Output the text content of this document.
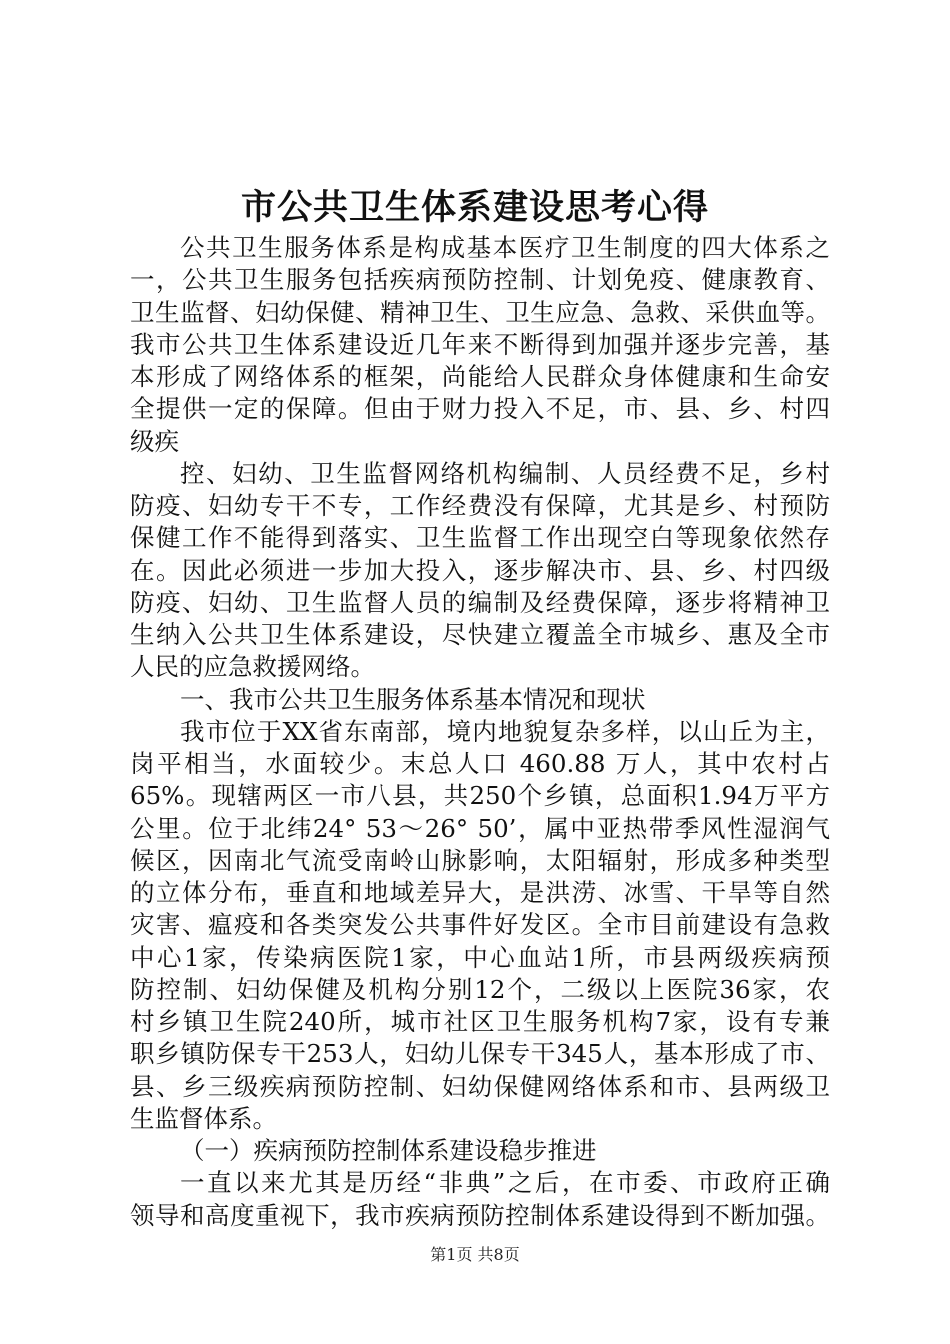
市公共卫生体系建设思考心得
公共卫生服务体系是构成基本医疗卫生制度的四大体系之
一，公共卫生服务包括疾病预防控制、计划免疫、健康教育、
卫生监督、妇幼保健、精神卫生、卫生应急、急救、采供血等。
我市公共卫生体系建设近几年来不断得到加强并逐步完善，基
本形成了网络体系的框架，尚能给人民群众身体健康和生命安
全提供一定的保障。但由于财力投入不足，市、县、乡、村四
级疾
控、妇幼、卫生监督网络机构编制、人员经费不足，乡村
防疫、妇幼专干不专，工作经费没有保障，尤其是乡、村预防
保健工作不能得到落实、卫生监督工作出现空白等现象依然存
在。因此必须进一步加大投入，逐步解决市、县、乡、村四级
防疫、妇幼、卫生监督人员的编制及经费保障，逐步将精神卫
生纳入公共卫生体系建设，尽快建立覆盖全市城乡、惠及全市
人民的应急救援网络。
一、我市公共卫生服务体系基本情况和现状
我市位于XX省东南部，境内地貌复杂多样，以山丘为主，
岗平相当，水面较少。末总人口 460.88 万人，其中农村占
65%。现辖两区一市八县，共250个乡镇，总面积1.94万平方
公里。位于北纬24° 53～26° 50’，属中亚热带季风性湿润气
候区，因南北气流受南岭山脉影响，太阳辐射，形成多种类型
的立体分布，垂直和地域差异大，是洪涝、冰雪、干旱等自然
灾害、瘟疫和各类突发公共事件好发区。全市目前建设有急救
中心1家，传染病医院1家，中心血站1所，市县两级疾病预
防控制、妇幼保健及机构分别12个，二级以上医院36家，农
村乡镇卫生院240所，城市社区卫生服务机构7家，设有专兼
职乡镇防保专干253人，妇幼儿保专干345人，基本形成了市、
县、乡三级疾病预防控制、妇幼保健网络体系和市、县两级卫
生监督体系。
（一）疾病预防控制体系建设稳步推进
一直以来尤其是历经“非典”之后，在市委、市政府正确
领导和高度重视下，我市疾病预防控制体系建设得到不断加强。
第1页 共8页
